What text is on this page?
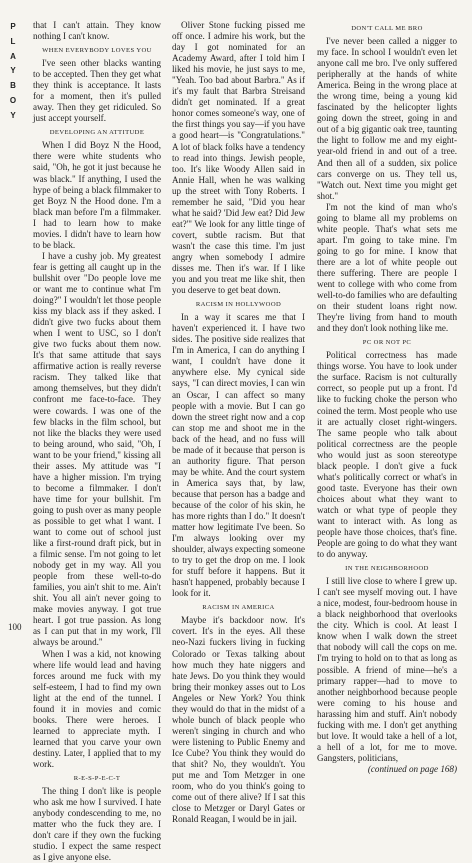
P
L
A
Y
B
O
Y

that I can't attain. They know nothing I can't know.

WHEN EVERYBODY LOVES YOU

I've seen other blacks wanting to be accepted. Then they get what they think is acceptance. It lasts for a moment, then it's pulled away. Then they get ridiculed. So just accept yourself.

DEVELOPING AN ATTITUDE

When I did Boyz N the Hood, there were white students who said, "Oh, he got it just because he was black." If anything, I used the hype of being a black filmmaker to get Boyz N the Hood done. I'm a black man before I'm a filmmaker. I had to learn how to make movies. I didn't have to learn how to be black.

I have a cushy job. My greatest fear is getting all caught up in the bullshit over "Do people love me or want me to continue what I'm doing?" I wouldn't let those people kiss my black ass if they asked. I didn't give two fucks about them when I went to USC, so I don't give two fucks about them now. It's that same attitude that says affirmative action is really reverse racism. They talked like that among themselves, but they didn't confront me face-to-face. They were cowards. I was one of the few blacks in the film school, but not like the blacks they were used to being around, who said, "Oh, I want to be your friend," kissing all their asses. My attitude was "I have a higher mission. I'm trying to become a filmmaker. I don't have time for your bullshit. I'm going to push over as many people as possible to get what I want. I want to come out of school just like a first-round draft pick, but in a filmic sense. I'm not going to let nobody get in my way. All you people from these well-to-do families, you ain't shit to me. Ain't shit. You all ain't never going to make movies anyway. I got true heart. I got true passion. As long as I can put that in my work, I'll always be around."

When I was a kid, not knowing where life would lead and having forces around me fuck with my self-esteem, I had to find my own light at the end of the tunnel. I found it in movies and comic books. There were heroes. I learned to appreciate myth. I learned that you carve your own destiny. Later, I applied that to my work.

R-E-S-P-E-C-T

The thing I don't like is people who ask me how I survived. I hate anybody condescending to me, no matter who the fuck they are. I don't care if they own the fucking studio. I expect the same respect as I give anyone else.

Oliver Stone fucking pissed me off once. I admire his work, but the day I got nominated for an Academy Award, after I told him I liked his movie, he just says to me, "Yeah. Too bad about Barbra." As if it's my fault that Barbra Streisand didn't get nominated. If a great honor comes someone's way, one of the first things you say—if you have a good heart—is "Congratulations." A lot of black folks have a tendency to read into things. Jewish people, too. It's like Woody Allen said in Annie Hall, when he was walking up the street with Tony Roberts. I remember he said, "Did you hear what he said? 'Did Jew eat? Did Jew eat?'" We look for any little tinge of covert, subtle racism. But that wasn't the case this time. I'm just angry when somebody I admire disses me. Then it's war. If I like you and you treat me like shit, then you deserve to get beat down.

RACISM IN HOLLYWOOD

In a way it scares me that I haven't experienced it. I have two sides. The positive side realizes that I'm in America, I can do anything I want, I couldn't have done it anywhere else. My cynical side says, "I can direct movies, I can win an Oscar, I can affect so many people with a movie. But I can go down the street right now and a cop can stop me and shoot me in the back of the head, and no fuss will be made of it because that person is an authority figure. That person may be white. And the court system in America says that, by law, because that person has a badge and because of the color of his skin, he has more rights than I do." It doesn't matter how legitimate I've been. So I'm always looking over my shoulder, always expecting someone to try to get the drop on me. I look for stuff before it happens. But it hasn't happened, probably because I look for it.

RACISM IN AMERICA

Maybe it's backdoor now. It's covert. It's in the eyes. All these neo-Nazi fuckers living in fucking Colorado or Texas talking about how much they hate niggers and hate Jews. Do you think they would bring their monkey asses out to Los Angeles or New York? You think they would do that in the midst of a whole bunch of black people who weren't singing in church and who were listening to Public Enemy and Ice Cube? You think they would do that shit? No, they wouldn't. You put me and Tom Metzger in one room, who do you think's going to come out of there alive? If I sat this close to Metzger or Daryl Gates or Ronald Reagan, I would be in jail.

DON'T CALL ME BRO

I've never been called a nigger to my face. In school I wouldn't even let anyone call me bro. I've only suffered peripherally at the hands of white America. Being in the wrong place at the wrong time, being a young kid fascinated by the helicopter lights going down the street, going in and out of a big gigantic oak tree, taunting the light to follow me and my eight-year-old friend in and out of a tree. And then all of a sudden, six police cars converge on us. They tell us, "Watch out. Next time you might get shot."

I'm not the kind of man who's going to blame all my problems on white people. That's what sets me apart. I'm going to take mine. I'm going to go for mine. I know that there are a lot of white people out there suffering. There are people I went to college with who come from well-to-do families who are defaulting on their student loans right now. They're living from hand to mouth and they don't look nothing like me.

PC OR NOT PC

Political correctness has made things worse. You have to look under the surface. Racism is not culturally correct, so people put up a front. I'd like to fucking choke the person who coined the term. Most people who use it are actually closet right-wingers. The same people who talk about political correctness are the people who would just as soon stereotype black people. I don't give a fuck what's politically correct or what's in good taste. Everyone has their own choices about what they want to watch or what type of people they want to interact with. As long as people have those choices, that's fine. People are going to do what they want to do anyway.

IN THE NEIGHBORHOOD

I still live close to where I grew up. I can't see myself moving out. I have a nice, modest, four-bedroom house in a black neighborhood that overlooks the city. Which is cool. At least I know when I walk down the street that nobody will call the cops on me. I'm trying to hold on to that as long as possible. A friend of mine—he's a primary rapper—had to move to another neighborhood because people were coming to his house and harassing him and stuff. Ain't nobody fucking with me. I don't get anything but love. It would take a hell of a lot, a hell of a lot, for me to move. Gangsters, politicians,

(continued on page 168)

100
